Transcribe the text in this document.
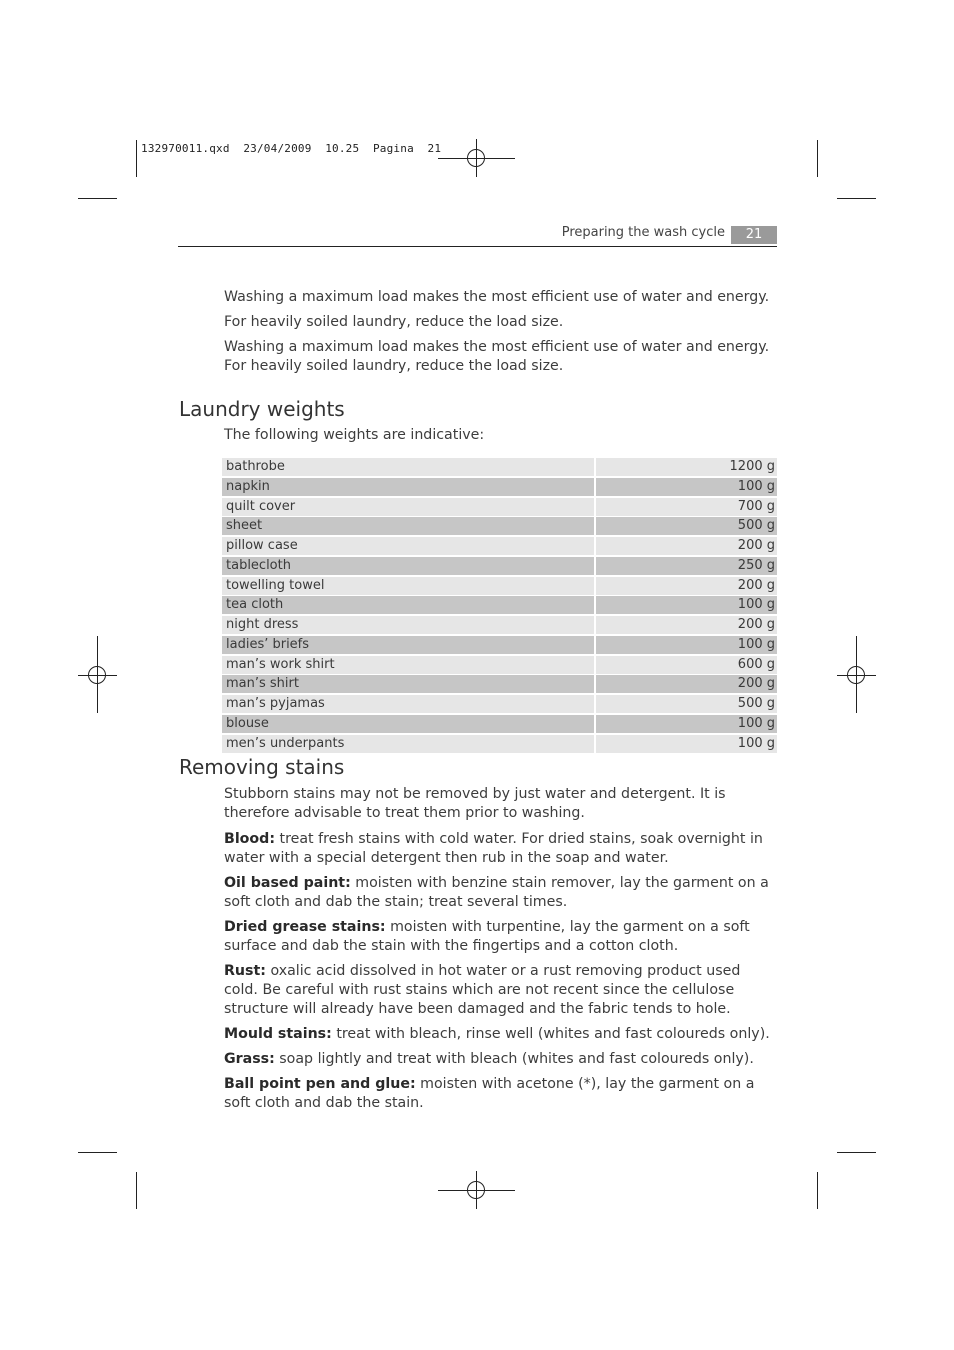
132970011.qxd  23/04/2009  10.25  Pagina  21
Preparing the wash cycle	21

Washing a maximum load makes the most efficient use of water and energy.

For heavily soiled laundry, reduce the load size.

Washing a maximum load makes the most efficient use of water and energy. For heavily soiled laundry, reduce the load size.

Laundry weights

The following weights are indicative:

bathrobe	1200 g
napkin	100 g
quilt cover	700 g
sheet	500 g
pillow case	200 g
tablecloth	250 g
towelling towel	200 g
tea cloth	100 g
night dress	200 g
ladies’ briefs	100 g
man’s work shirt	600 g
man’s shirt	200 g
man’s pyjamas	500 g
blouse	100 g
men’s underpants	100 g
Removing stains

Stubborn stains may not be removed by just water and detergent. It is therefore advisable to treat them prior to washing.

Blood: treat fresh stains with cold water. For dried stains, soak overnight in water with a special detergent then rub in the soap and water.

Oil based paint: moisten with benzine stain remover, lay the garment on a soft cloth and dab the stain; treat several times.

Dried grease stains: moisten with turpentine, lay the garment on a soft surface and dab the stain with the fingertips and a cotton cloth.

Rust: oxalic acid dissolved in hot water or a rust removing product used cold. Be careful with rust stains which are not recent since the cellulose structure will already have been damaged and the fabric tends to hole.

Mould stains: treat with bleach, rinse well (whites and fast coloureds only).

Grass: soap lightly and treat with bleach (whites and fast coloureds only).

Ball point pen and glue: moisten with acetone (*), lay the garment on a soft cloth and dab the stain.
